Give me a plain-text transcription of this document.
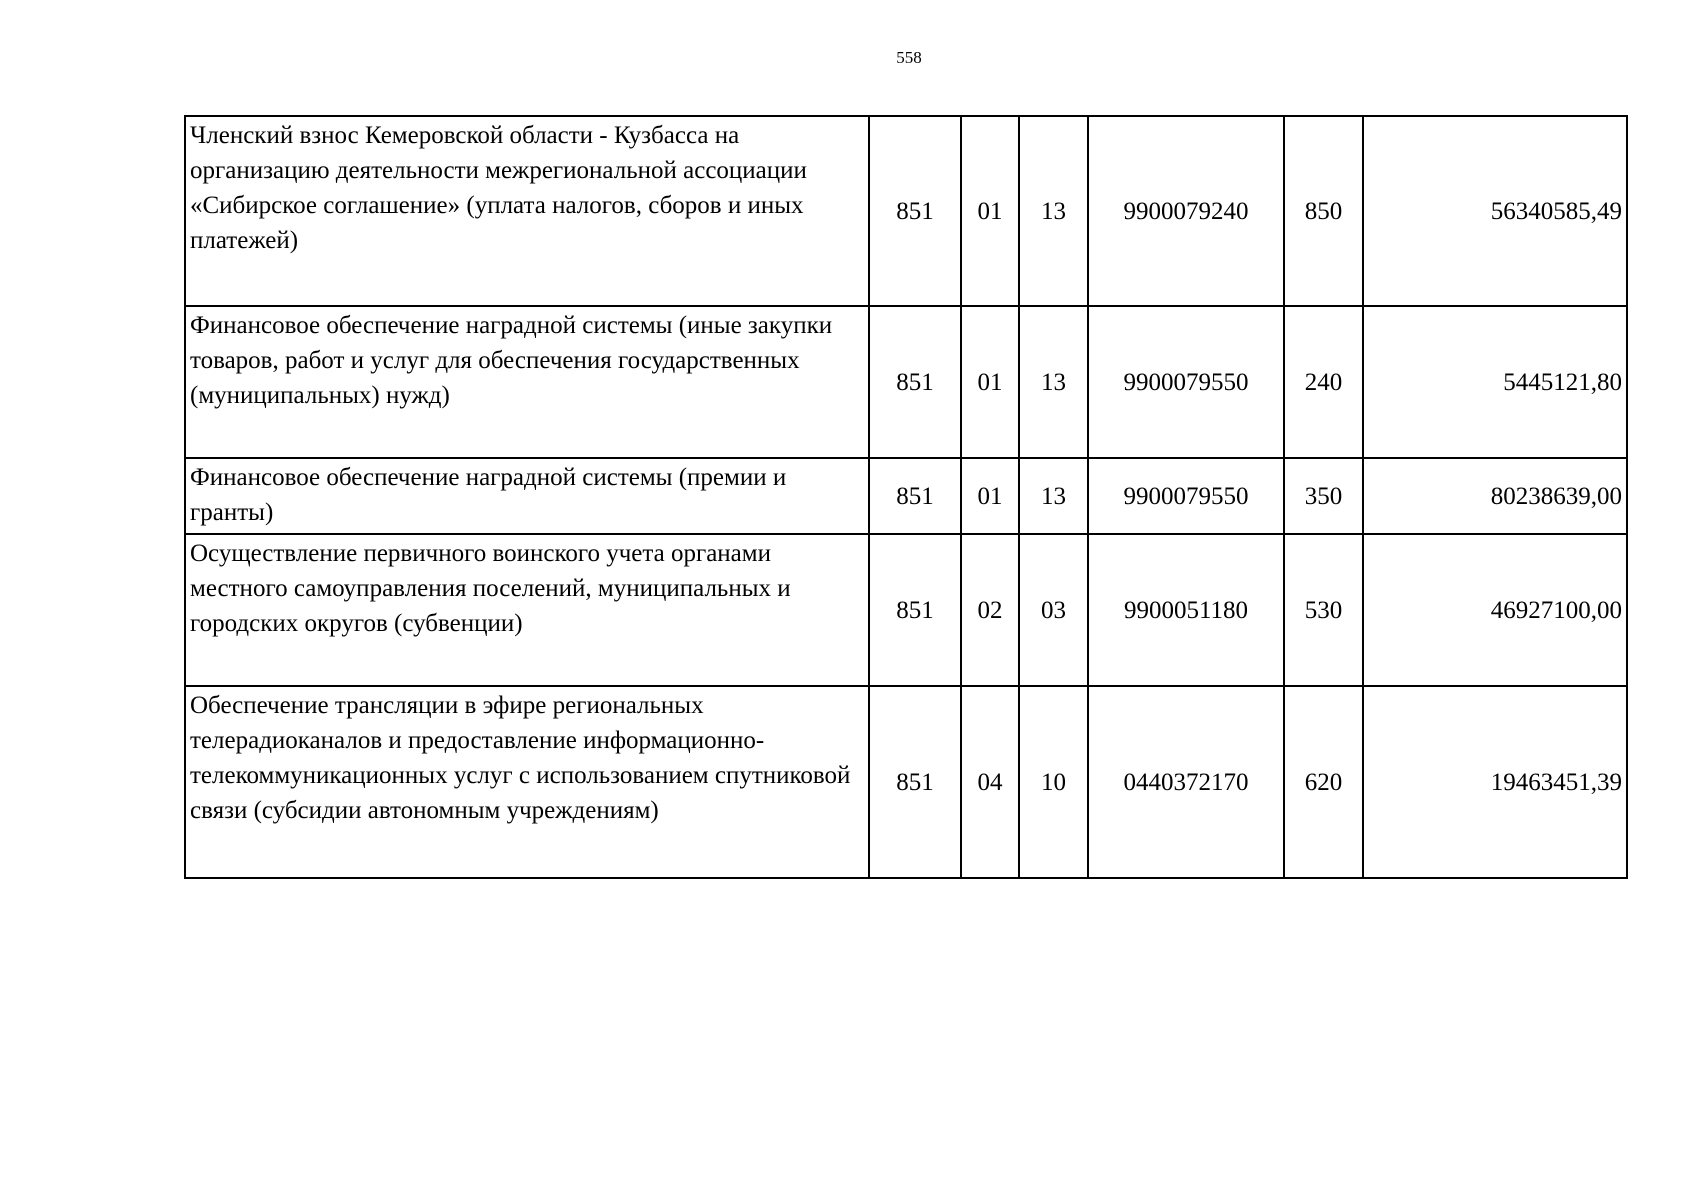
558
Членский взнос Кемеровской области - Кузбасса на организацию деятельности межрегиональной ассоциации «Сибирское соглашение» (уплата налогов, сборов и иных платежей)	851	01	13	9900079240	850	56340585,49
Финансовое обеспечение наградной системы (иные закупки товаров, работ и услуг для обеспечения государственных (муниципальных) нужд)	851	01	13	9900079550	240	5445121,80
Финансовое обеспечение наградной системы (премии и гранты)	851	01	13	9900079550	350	80238639,00
Осуществление первичного воинского учета органами местного самоуправления поселений, муниципальных и городских округов (субвенции)	851	02	03	9900051180	530	46927100,00
Обеспечение трансляции в эфире региональных телерадиоканалов и предоставление информационно-телекоммуникационных услуг с использованием спутниковой связи (субсидии автономным учреждениям)	851	04	10	0440372170	620	19463451,39
